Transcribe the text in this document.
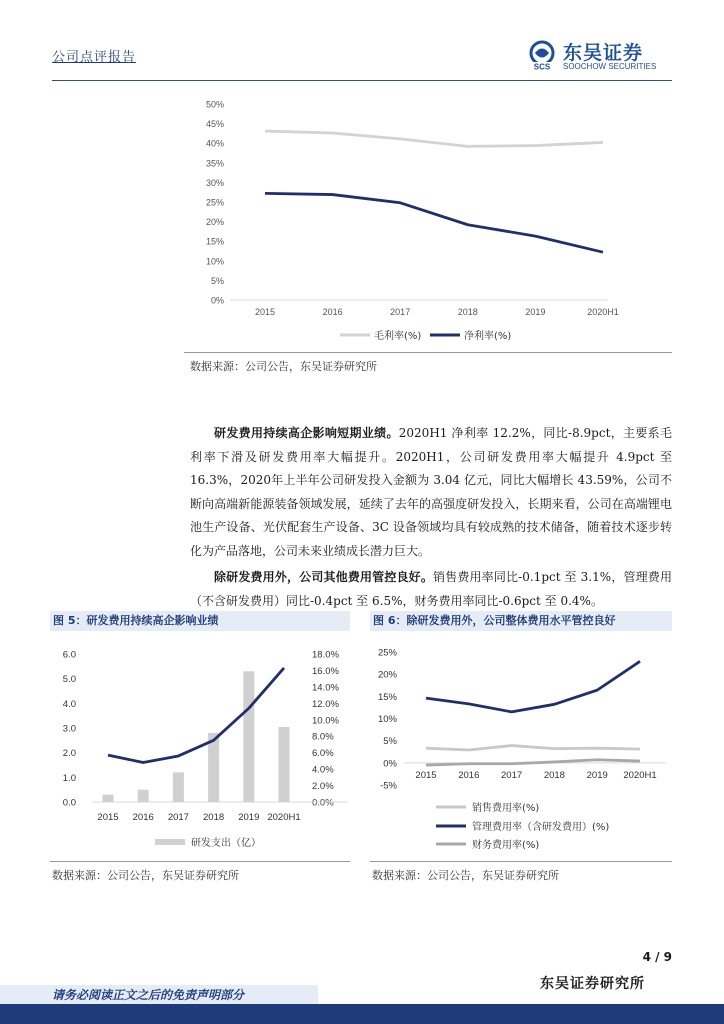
公司点评报告
SCS
东吴证券
SOOCHOW SECURITIES
50%
45%
40%
35%
30%
25%
20%
15%
10%
5%
0%
2015	2016	2017	2018	2019	2020H1
毛利率(%)	净利率(%)
数据来源：公司公告，东吴证券研究所
研发费用持续高企影响短期业绩。2020H1 净利率 12.2%，同比-8.9pct，主要系毛利率下滑及研发费用率大幅提升。2020H1，公司研发费用率大幅提升 4.9pct 至 16.3%，2020年上半年公司研发投入金额为 3.04 亿元，同比大幅增长 43.59%，公司不断向高端新能源装备领域发展，延续了去年的高强度研发投入，长期来看，公司在高端锂电池生产设备、光伏配套生产设备、3C 设备领域均具有较成熟的技术储备，随着技术逐步转化为产品落地，公司未来业绩成长潜力巨大。
除研发费用外，公司其他费用管控良好。销售费用率同比-0.1pct 至 3.1%，管理费用（不含研发费用）同比-0.4pct 至 6.5%，财务费用率同比-0.6pct 至 0.4%。
图 5：研发费用持续高企影响业绩
6.0
5.0
4.0
3.0
2.0
1.0
0.0
18.0%
16.0%
14.0%
12.0%
10.0%
8.0%
6.0%
4.0%
2.0%
0.0%
2015 2016 2017 2018 2019 2020H1
研发支出（亿）
数据来源：公司公告，东吴证券研究所
图 6：除研发费用外，公司整体费用水平管控良好
25%
20%
15%
10%
5%
0%
-5%
2015 2016 2017 2018 2019 2020H1
销售费用率(%)
管理费用率（含研发费用）(%)
财务费用率(%)
数据来源：公司公告，东吴证券研究所
4 / 9
请务必阅读正文之后的免责声明部分
东吴证券研究所
